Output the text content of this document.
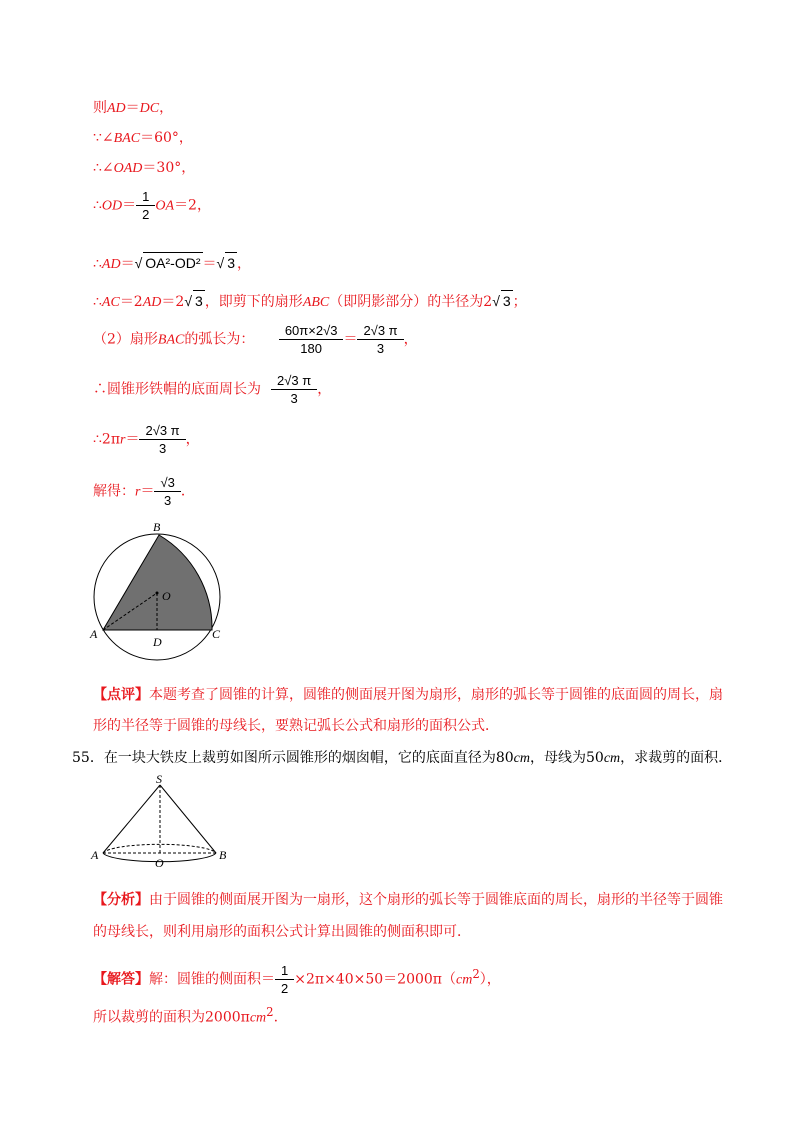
则AD＝DC，
∵∠BAC＝60°，
∴∠OAD＝30°，
∴OD＝ $\frac{1}{2} OA=2$，
∴AD＝√ OA²-OD² ＝√ 3 ，
∴AC＝2AD＝2√ 3 ，即剪下的扇形ABC（即阴影部分）的半径为2√ 3 ；
（2）扇形BAC的弧长为： $\frac{60\pi\times 2√3}{180} = \frac{2√3 \pi}{3}$ ，
∴圆锥形铁帽的底面周长为 $\frac{2√3 \pi}{3}$ ，
∴2πr＝ $\frac{2√3 \pi}{3}$ ，
解得：$r= \frac{√3}{3}$ ．
B
O
A
D
C
【点评】本题考查了圆锥的计算，圆锥的侧面展开图为扇形，扇形的弧长等于圆锥的底面圆的周长，扇
形的半径等于圆锥的母线长，要熟记弧长公式和扇形的面积公式．
55．在一块大铁皮上裁剪如图所示圆锥形的烟囱帽，它的底面直径为80cm，母线为50cm，求裁剪的面积．
S
A
O
B
【分析】由于圆锥的侧面展开图为一扇形，这个扇形的弧长等于圆锥底面的周长，扇形的半径等于圆锥
的母线长，则利用扇形的面积公式计算出圆锥的侧面积即可．
【解答】解：圆锥的侧面积＝ $\frac{1}{2} \times 2\pi\times 40\times 50=2000\pi(cm^2)$，
所以裁剪的面积为2000πcm$^2$.
